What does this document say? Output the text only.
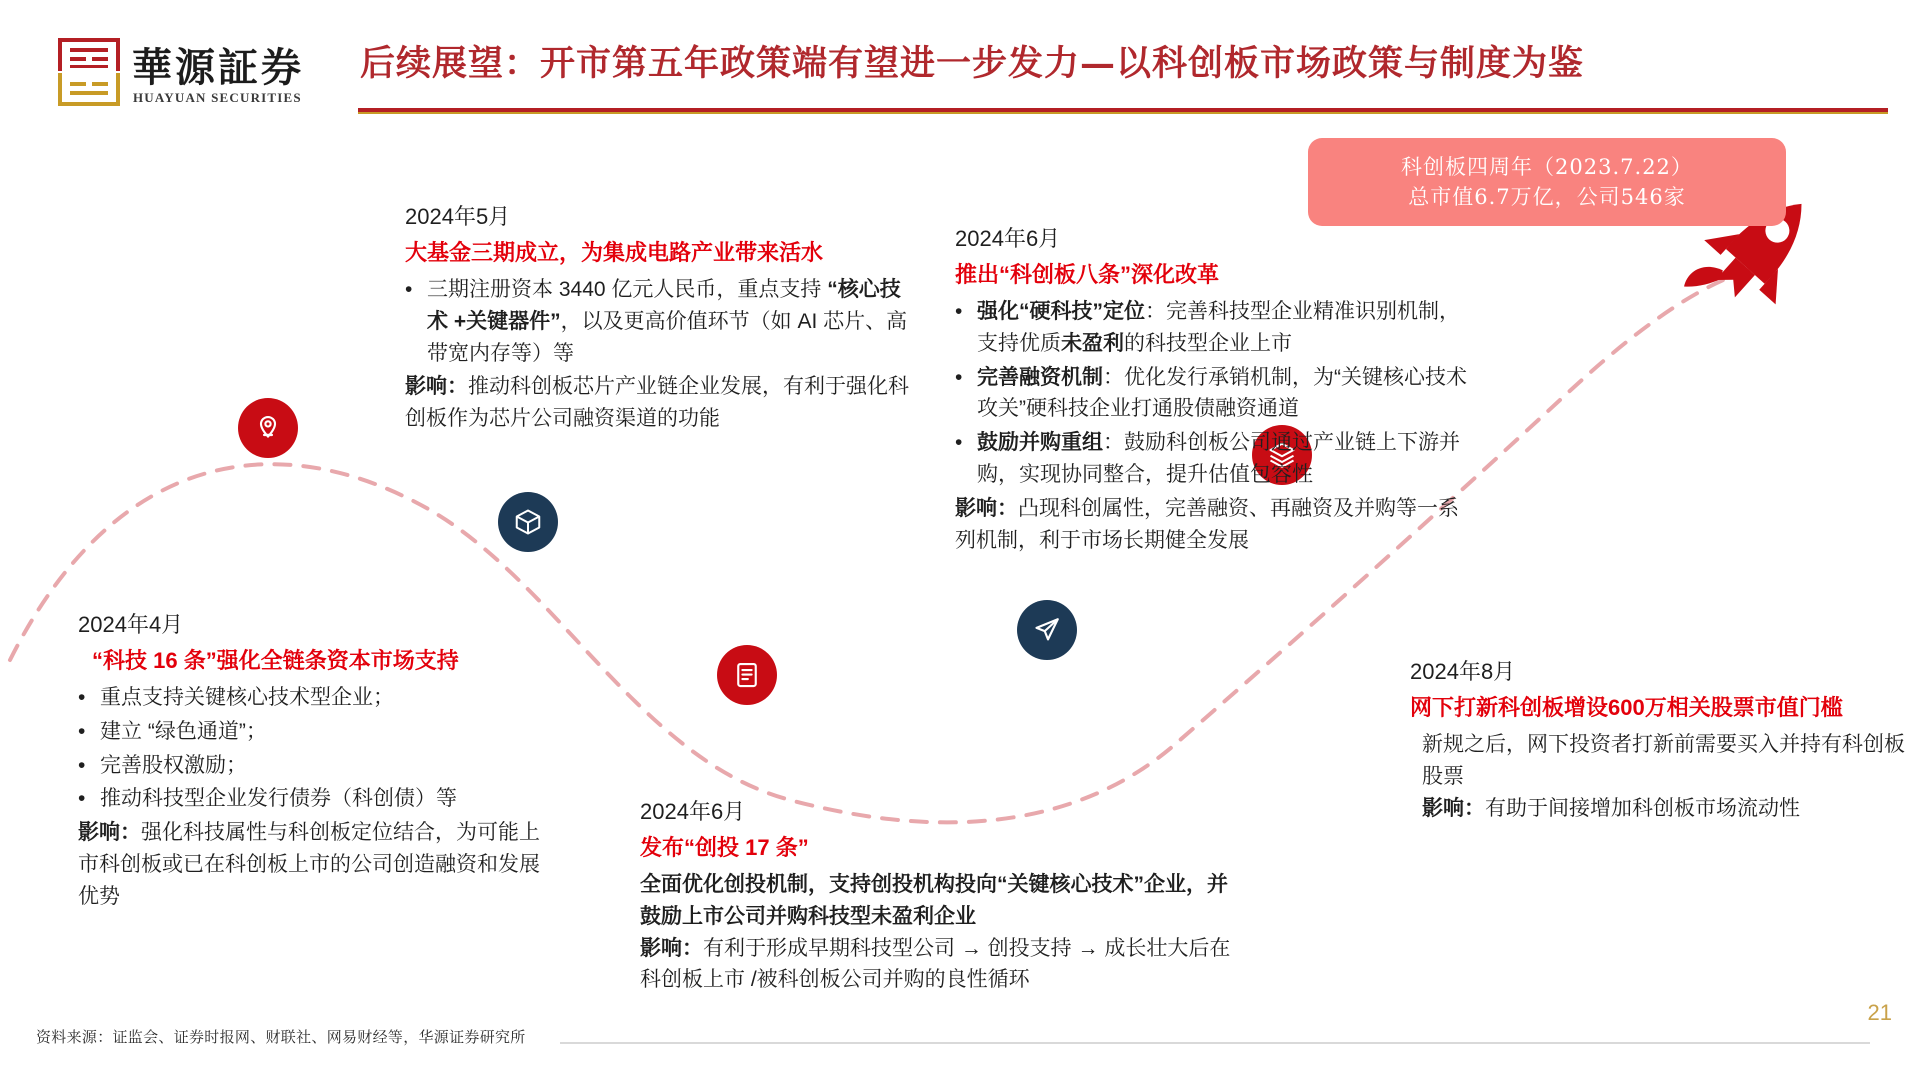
華源証券
HUAYUAN SECURITIES
后续展望：开市第五年政策端有望进一步发力—以科创板市场政策与制度为鉴
科创板四周年（2023.7.22）
总市值6.7万亿，公司546家
2024年5月
大基金三期成立，为集成电路产业带来活水
• 三期注册资本 3440 亿元人民币，重点支持 “核心技术 +关键器件”，以及更高价值环节（如 AI 芯片、高带宽内存等）等
影响：推动科创板芯片产业链企业发展，有利于强化科创板作为芯片公司融资渠道的功能
2024年6月
推出“科创板八条”深化改革
• 强化“硬科技”定位：完善科技型企业精准识别机制，支持优质未盈利的科技型企业上市
• 完善融资机制：优化发行承销机制，为“关键核心技术攻关”硬科技企业打通股债融资通道
• 鼓励并购重组：鼓励科创板公司通过产业链上下游并购，实现协同整合，提升估值包容性
影响：凸现科创属性，完善融资、再融资及并购等一系列机制，利于市场长期健全发展
2024年4月
“科技 16 条”强化全链条资本市场支持
• 重点支持关键核心技术型企业；
• 建立 “绿色通道”；
• 完善股权激励；
• 推动科技型企业发行债券（科创债）等
影响：强化科技属性与科创板定位结合，为可能上市科创板或已在科创板上市的公司创造融资和发展优势
2024年6月
发布“创投 17 条”
全面优化创投机制，支持创投机构投向“关键核心技术”企业，并鼓励上市公司并购科技型未盈利企业
影响：有利于形成早期科技型公司 → 创投支持 → 成长壮大后在科创板上市 /被科创板公司并购的良性循环
2024年8月
网下打新科创板增设600万相关股票市值门槛
新规之后，网下投资者打新前需要买入并持有科创板股票
影响：有助于间接增加科创板市场流动性
资料来源：证监会、证券时报网、财联社、网易财经等，华源证券研究所
21
